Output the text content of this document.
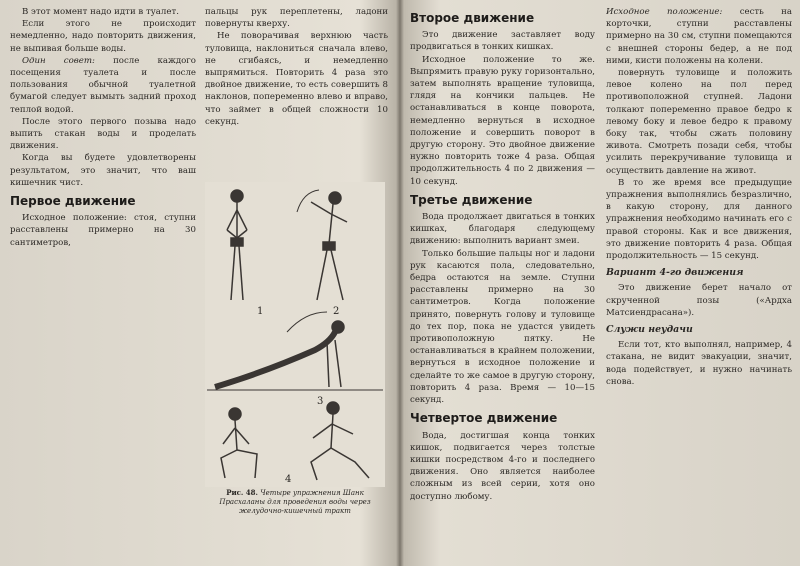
В этот момент надо идти в туалет.

Если этого не происходит немедленно, надо повторить движения, не выпивая больше воды.

Один совет: после каждого посещения туалета и после пользования обычной туалетной бумагой следует вымыть задний проход теплой водой.

После этого первого позыва надо выпить стакан воды и проделать движения.

Когда вы будете удовлетворены результатом, это значит, что ваш кишечник чист.

Первое движение

Исходное положение: стоя, ступни расставлены примерно на 30 сантиметров,

пальцы рук переплетены, ладони повернуты кверху.

Не поворачивая верхнюю часть туловища, наклониться сначала влево, не сгибаясь, и немедленно выпрямиться. Повторить 4 раза это двойное движение, то есть совершить 8 наклонов, попеременно влево и вправо, что займет в общей сложности 10 секунд.

1	2
3
4
Рис. 48. Четыре упражнения Шанк Прасхаланы для проведения воды через желудочно-кишечный тракт
Второе движение

Это движение заставляет воду продвигаться в тонких кишках.

Исходное положение то же. Выпрямить правую руку горизонтально, затем выполнять вращение туловища, глядя на кончики пальцев. Не останавливаться в конце поворота, немедленно вернуться в исходное положение и совершить поворот в другую сторону. Это двойное движение нужно повторить тоже 4 раза. Общая продолжительность 4 по 2 движения — 10 секунд.

Третье движение

Вода продолжает двигаться в тонких кишках, благодаря следующему движению: выполнить вариант змеи.

Только большие пальцы ног и ладони рук касаются пола, следовательно, бедра остаются на земле. Ступни расставлены примерно на 30 сантиметров. Когда положение принято, повернуть голову и туловище до тех пор, пока не удастся увидеть противоположную пятку. Не останавливаться в крайнем положении, вернуться в исходное положение и сделайте то же самое в другую сторону, повторить 4 раза. Время — 10—15 секунд.

Четвертое движение

Вода, достигшая конца тонких кишок, подвигается через толстые кишки посредством 4-го и последнего движения. Оно является наиболее сложным из всей серии, хотя оно доступно любому.

Исходное положение: сесть на корточки, ступни расставлены примерно на 30 см, ступни помещаются с внешней стороны бедер, а не под ними, кисти положены на колени.

повернуть туловище и положить левое колено на пол перед противоположной ступней. Ладони толкают попеременно правое бедро к левому боку и левое бедро к правому боку так, чтобы сжать половину живота. Смотреть позади себя, чтобы усилить перекручивание туловища и осуществить давление на живот.

В то же время все предыдущие упражнения выполнялись безразлично, в какую сторону, для данного упражнения необходимо начинать его с правой стороны. Как и все движения, это движение повторить 4 раза. Общая продолжительность — 15 секунд.

Вариант 4-го движения

Это движение берет начало от скрученной позы («Ардха Матсиендрасана»).

Служи неудачи

Если тот, кто выполнял, например, 4 стакана, не видит эвакуации, значит, вода подействует, и нужно начинать снова.
